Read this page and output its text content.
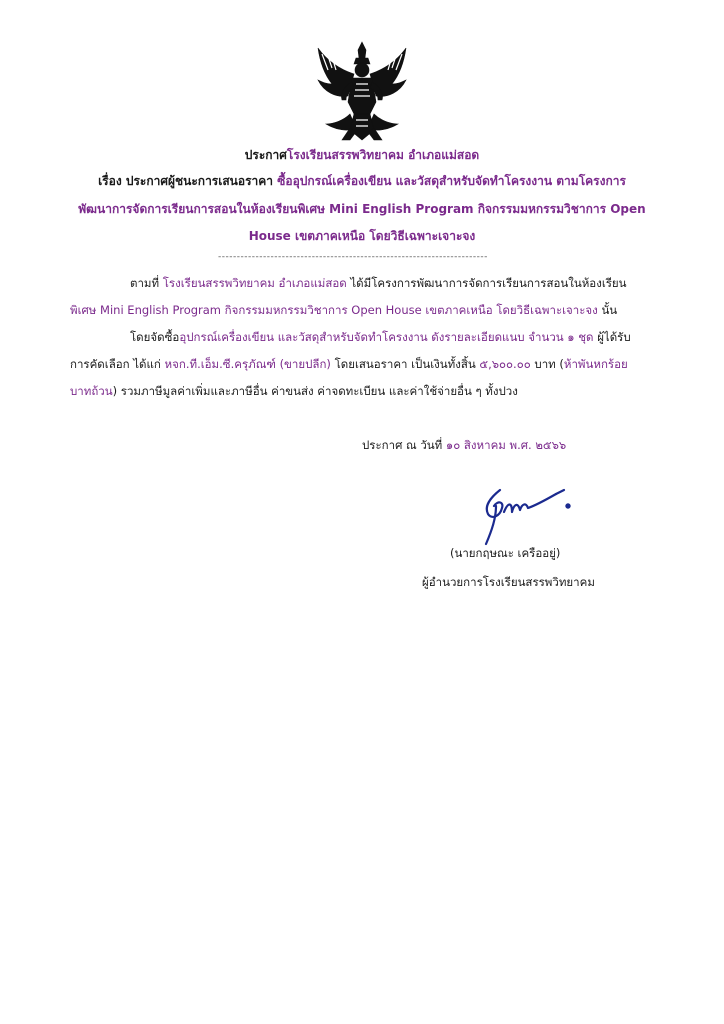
ประกาศโรงเรียนสรรพวิทยาคม อำเภอแม่สอด
เรื่อง ประกาศผู้ชนะการเสนอราคา ซื้ออุปกรณ์เครื่องเขียน และวัสดุสำหรับจัดทำโครงงาน ตามโครงการ
พัฒนาการจัดการเรียนการสอนในห้องเรียนพิเศษ Mini English Program กิจกรรมมหกรรมวิชาการ Open
House เขตภาคเหนือ โดยวิธีเฉพาะเจาะจง
------------------------------------------------------------------------
ตามที่ โรงเรียนสรรพวิทยาคม อำเภอแม่สอด ได้มีโครงการพัฒนาการจัดการเรียนการสอนในห้องเรียน
พิเศษ Mini English Program กิจกรรมมหกรรมวิชาการ Open House เขตภาคเหนือ โดยวิธีเฉพาะเจาะจง นั้น
โดยจัดซื้ออุปกรณ์เครื่องเขียน และวัสดุสำหรับจัดทำโครงงาน ดังรายละเอียดแนบ จำนวน ๑ ชุด ผู้ได้รับ
การคัดเลือก ได้แก่ หจก.ที.เอ็ม.ซี.ครุภัณฑ์ (ขายปลีก) โดยเสนอราคา เป็นเงินทั้งสิ้น ๕,๖๐๐.๐๐ บาท (ห้าพันหกร้อย
บาทถ้วน) รวมภาษีมูลค่าเพิ่มและภาษีอื่น ค่าขนส่ง ค่าจดทะเบียน และค่าใช้จ่ายอื่น ๆ ทั้งปวง
ประกาศ ณ วันที่ ๑๐ สิงหาคม พ.ศ. ๒๕๖๖
(นายกฤษณะ เครืออยู่)
ผู้อำนวยการโรงเรียนสรรพวิทยาคม
